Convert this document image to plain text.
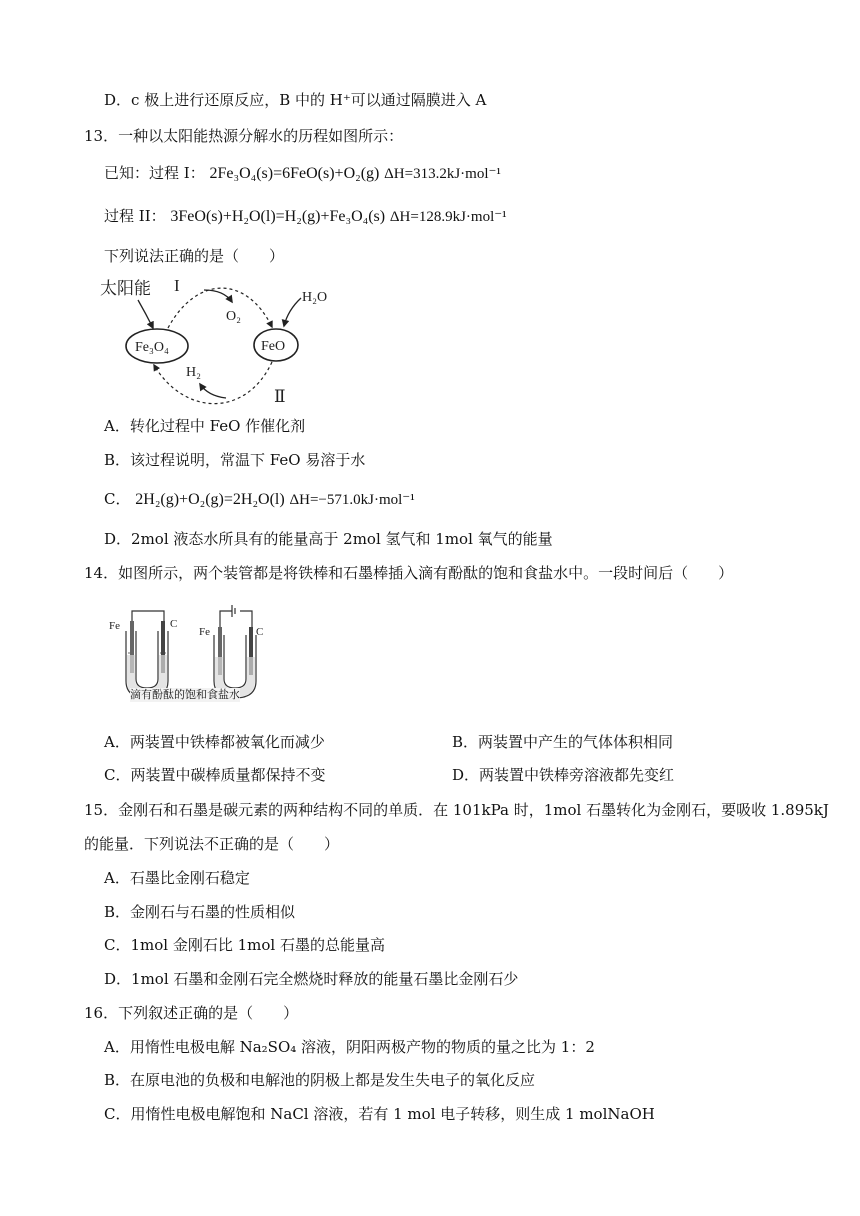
D．c 极上进行还原反应，B 中的 H⁺可以通过隔膜进入 A
13．一种以太阳能热源分解水的历程如图所示：
已知：过程 I： 2Fe₃O₄(s)=6FeO(s)+O₂(g) ΔH=313.2kJ·mol⁻¹
过程 II： 3FeO(s)+H₂O(l)=H₂(g)+Fe₃O₄(s) ΔH=128.9kJ·mol⁻¹
下列说法正确的是（　　）
太阳能 I
O₂
H₂O
Fe₃O₄	FeO
H₂
Ⅱ
A．转化过程中 FeO 作催化剂
B．该过程说明，常温下 FeO 易溶于水
C． 2H₂(g)+O₂(g)=2H₂O(l) ΔH=−571.0kJ·mol⁻¹
D．2mol 液态水所具有的能量高于 2mol 氢气和 1mol 氧气的能量
14．如图所示，两个装管都是将铁棒和石墨棒插入滴有酚酞的饱和食盐水中。一段时间后（　　）
Fe	C
Fe	C
滴有酚酞的饱和食盐水
A．两装置中铁棒都被氧化而减少	B．两装置中产生的气体体积相同
C．两装置中碳棒质量都保持不变	D．两装置中铁棒旁溶液都先变红
15．金刚石和石墨是碳元素的两种结构不同的单质．在 101kPa 时，1mol 石墨转化为金刚石，要吸收 1.895kJ
的能量．下列说法不正确的是（　　）
A．石墨比金刚石稳定
B．金刚石与石墨的性质相似
C．1mol 金刚石比 1mol 石墨的总能量高
D．1mol 石墨和金刚石完全燃烧时释放的能量石墨比金刚石少
16．下列叙述正确的是（　　）
A．用惰性电极电解 Na₂SO₄ 溶液，阴阳两极产物的物质的量之比为 1：2
B．在原电池的负极和电解池的阴极上都是发生失电子的氧化反应
C．用惰性电极电解饱和 NaCl 溶液，若有 1 mol 电子转移，则生成 1 molNaOH
